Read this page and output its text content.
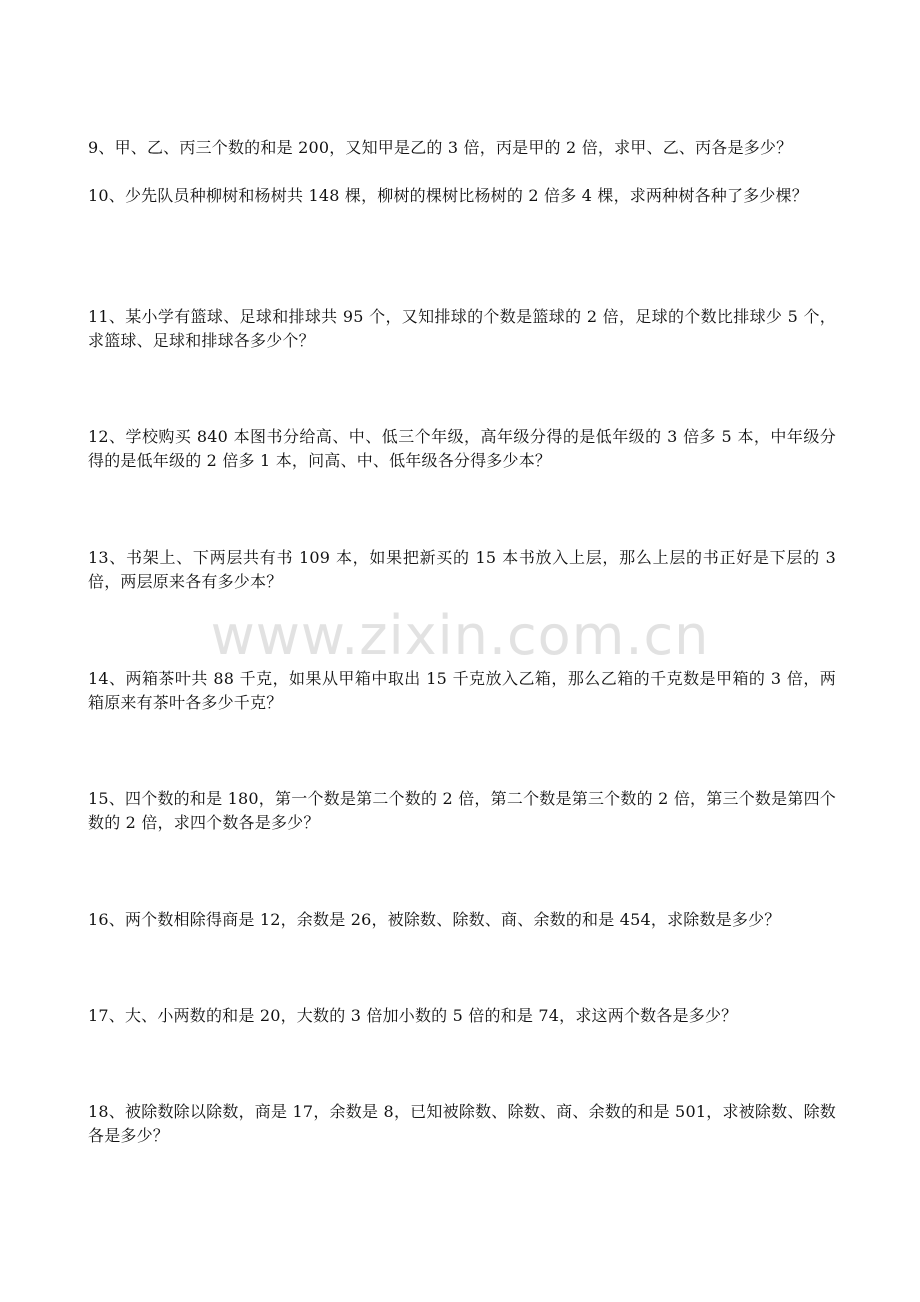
9、甲、乙、丙三个数的和是 200，又知甲是乙的 3 倍，丙是甲的 2 倍，求甲、乙、丙各是多少？

10、少先队员种柳树和杨树共 148 棵，柳树的棵树比杨树的 2 倍多 4 棵，求两种树各种了多少棵？

11、某小学有篮球、足球和排球共 95 个，又知排球的个数是篮球的 2 倍，足球的个数比排球少 5 个，求篮球、足球和排球各多少个？

12、学校购买 840 本图书分给高、中、低三个年级，高年级分得的是低年级的 3 倍多 5 本，中年级分得的是低年级的 2 倍多 1 本，问高、中、低年级各分得多少本？

13、书架上、下两层共有书 109 本，如果把新买的 15 本书放入上层，那么上层的书正好是下层的 3 倍，两层原来各有多少本？

14、两箱茶叶共 88 千克，如果从甲箱中取出 15 千克放入乙箱，那么乙箱的千克数是甲箱的 3 倍，两箱原来有茶叶各多少千克？

15、四个数的和是 180，第一个数是第二个数的 2 倍，第二个数是第三个数的 2 倍，第三个数是第四个数的 2 倍，求四个数各是多少？

16、两个数相除得商是 12，余数是 26，被除数、除数、商、余数的和是 454，求除数是多少？

17、大、小两数的和是 20，大数的 3 倍加小数的 5 倍的和是 74，求这两个数各是多少？

18、被除数除以除数，商是 17，余数是 8，已知被除数、除数、商、余数的和是 501，求被除数、除数各是多少？

www.zixin.com.cn
